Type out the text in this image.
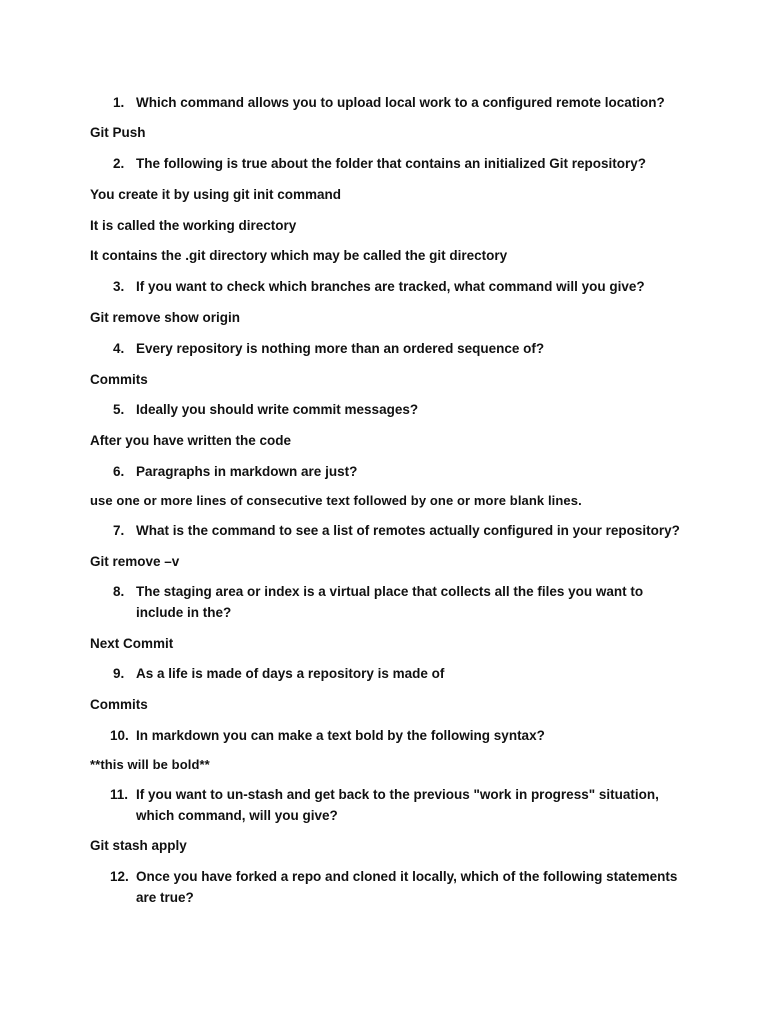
1. Which command allows you to upload local work to a configured remote location?
Git Push
2. The following is true about the folder that contains an initialized Git repository?
You create it by using git init command
It is called the working directory
It contains the .git directory which may be called the git directory
3. If you want to check which branches are tracked, what command will you give?
Git remove show origin
4. Every repository is nothing more than an ordered sequence of?
Commits
5. Ideally you should write commit messages?
After you have written the code
6. Paragraphs in markdown are just?
use one or more lines of consecutive text followed by one or more blank lines.
7. What is the command to see a list of remotes actually configured in your repository?
Git remove –v
8. The staging area or index is a virtual place that collects all the files you want to include in the?
Next Commit
9. As a life is made of days a repository is made of
Commits
10. In markdown you can make a text bold by the following syntax?
**this will be bold**
11. If you want to un-stash and get back to the previous "work in progress" situation, which command, will you give?
Git stash apply
12. Once you have forked a repo and cloned it locally, which of the following statements are true?
